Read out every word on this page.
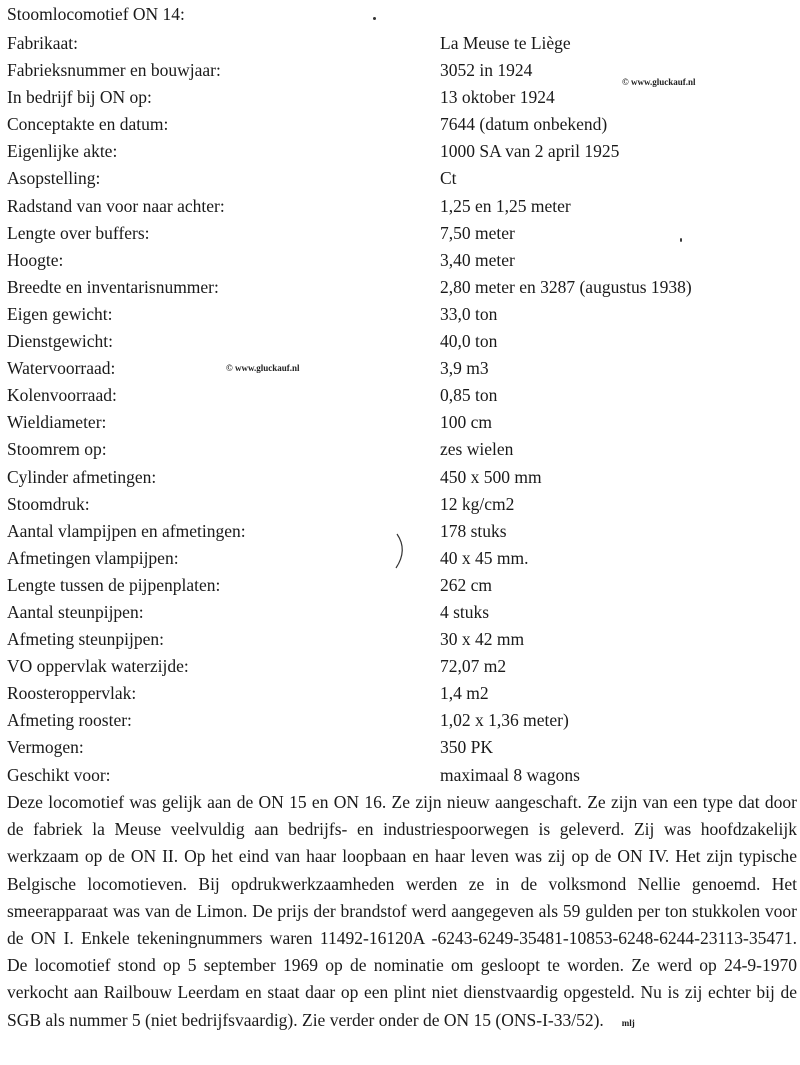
Stoomlocomotief ON 14:
© www.gluckauf.nl
© www.gluckauf.nl
Fabrikaat:	La Meuse te Liège
Fabrieksnummer en bouwjaar:	3052 in 1924
In bedrijf bij ON op:	13 oktober 1924
Conceptakte en datum:	7644 (datum onbekend)
Eigenlijke akte:	1000 SA van 2 april 1925
Asopstelling:	Ct
Radstand van voor naar achter:	1,25 en 1,25 meter
Lengte over buffers:	7,50 meter
Hoogte:	3,40 meter
Breedte en inventarisnummer:	2,80 meter en 3287 (augustus 1938)
Eigen gewicht:	33,0 ton
Dienstgewicht:	40,0 ton
Watervoorraad:	3,9 m3
Kolenvoorraad:	0,85 ton
Wieldiameter:	100 cm
Stoomrem op:	zes wielen
Cylinder afmetingen:	450 x 500 mm
Stoomdruk:	12 kg/cm2
Aantal vlampijpen en afmetingen:	178 stuks
Afmetingen vlampijpen:	40 x 45 mm.
Lengte tussen de pijpenplaten:	262 cm
Aantal steunpijpen:	4 stuks
Afmeting steunpijpen:	30 x 42 mm
VO oppervlak waterzijde:	72,07 m2
Roosteroppervlak:	1,4 m2
Afmeting rooster:	1,02 x 1,36 meter)
Vermogen:	350 PK
Geschikt voor:	maximaal 8 wagons

Deze locomotief was gelijk aan de ON 15 en ON 16. Ze zijn nieuw aangeschaft. Ze zijn van een type dat door de fabriek la Meuse veelvuldig aan bedrijfs- en industriespoorwegen is geleverd. Zij was hoofdzakelijk werkzaam op de ON II. Op het eind van haar loopbaan en haar leven was zij op de ON IV. Het zijn typische Belgische locomotieven. Bij opdrukwerkzaamheden werden ze in de volksmond Nellie genoemd. Het smeerapparaat was van de Limon. De prijs der brandstof werd aangegeven als 59 gulden per ton stukkolen voor de ON I. Enkele tekeningnummers waren 11492-16120A -6243-6249-35481-10853-6248-6244-23113-35471. De locomotief stond op 5 september 1969 op de nominatie om gesloopt te worden. Ze werd op 24-9-1970 verkocht aan Railbouw Leerdam en staat daar op een plint niet dienstvaardig opgesteld. Nu is zij echter bij de SGB als nummer 5 (niet bedrijfsvaardig). Zie verder onder de ON 15 (ONS-I-33/52). mlj
